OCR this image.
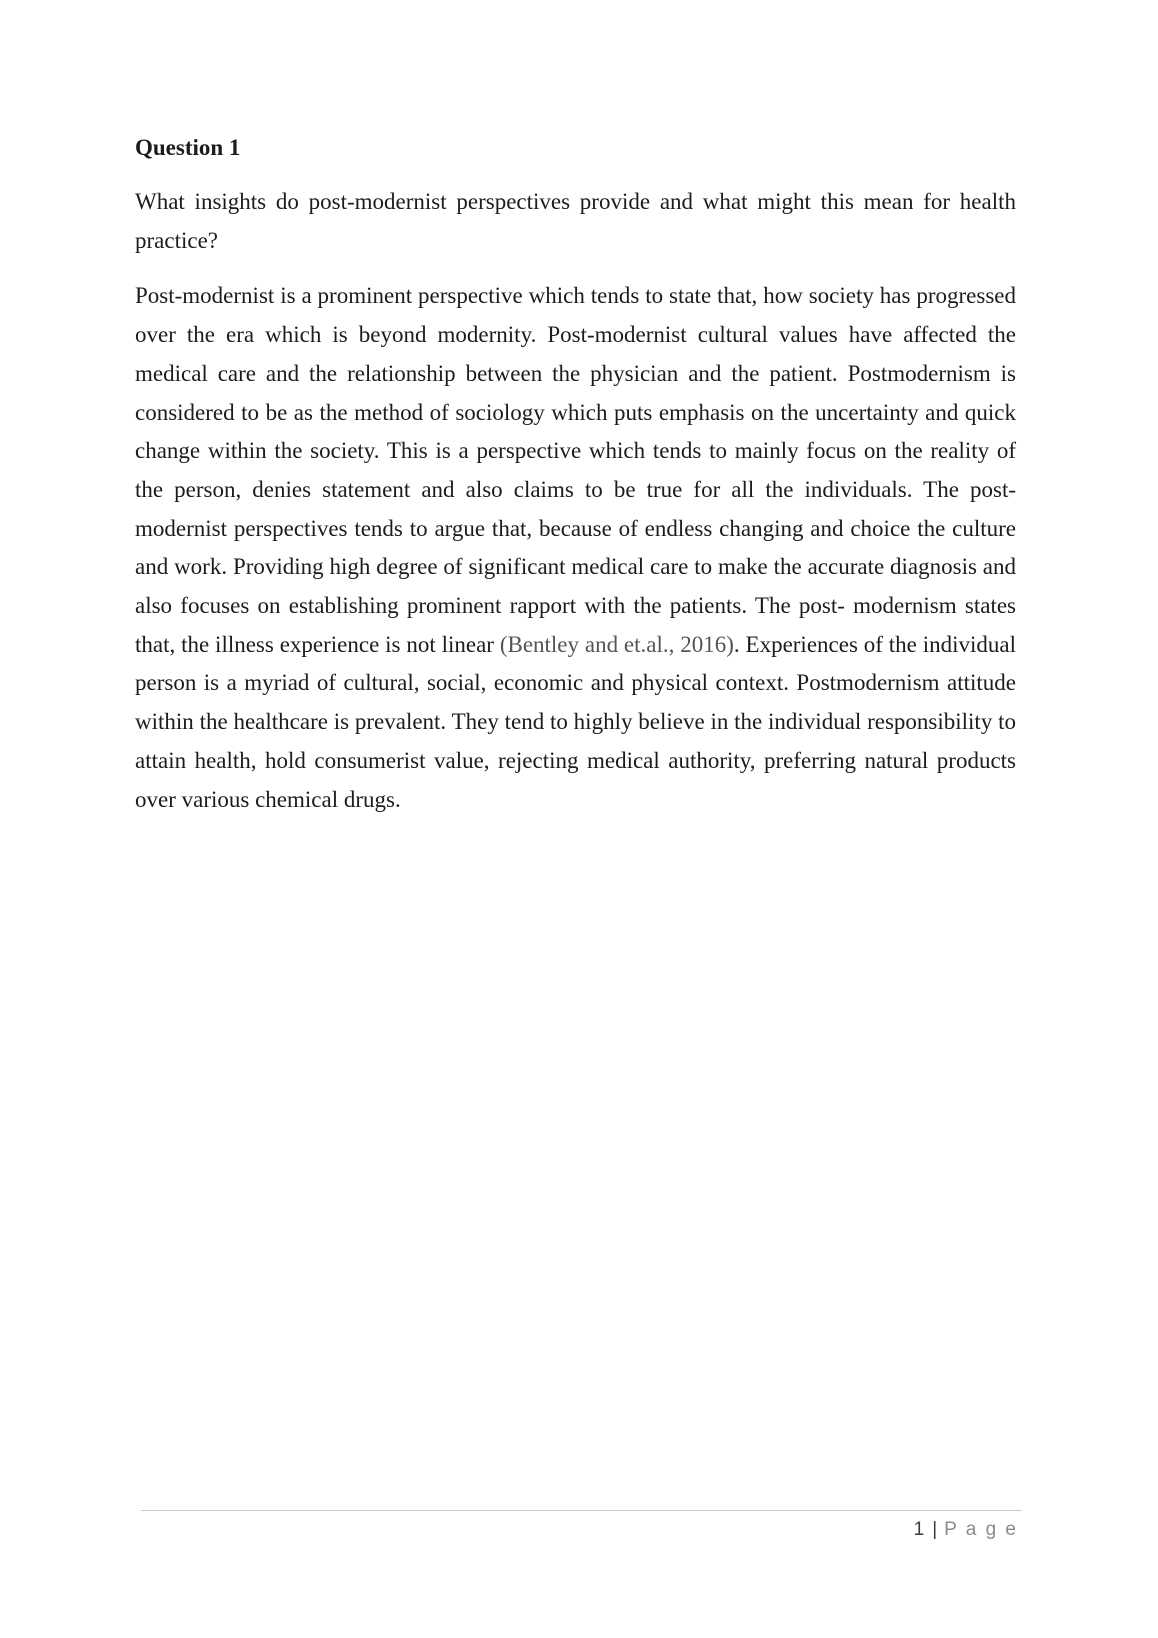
Question 1

What insights do post-modernist perspectives provide and what might this mean for health practice?

Post-modernist is a prominent perspective which tends to state that, how society has progressed over the era which is beyond modernity. Post-modernist cultural values have affected the medical care and the relationship between the physician and the patient. Postmodernism is considered to be as the method of sociology which puts emphasis on the uncertainty and quick change within the society. This is a perspective which tends to mainly focus on the reality of the person, denies statement and also claims to be true for all the individuals. The post-modernist perspectives tends to argue that, because of endless changing and choice the culture and work. Providing high degree of significant medical care to make the accurate diagnosis and also focuses on establishing prominent rapport with the patients. The post- modernism states that, the illness experience is not linear (Bentley and et.al., 2016). Experiences of the individual person is a myriad of cultural, social, economic and physical context. Postmodernism attitude within the healthcare is prevalent. They tend to highly believe in the individual responsibility to attain health, hold consumerist value, rejecting medical authority, preferring natural products over various chemical drugs.

1 | P a g e
